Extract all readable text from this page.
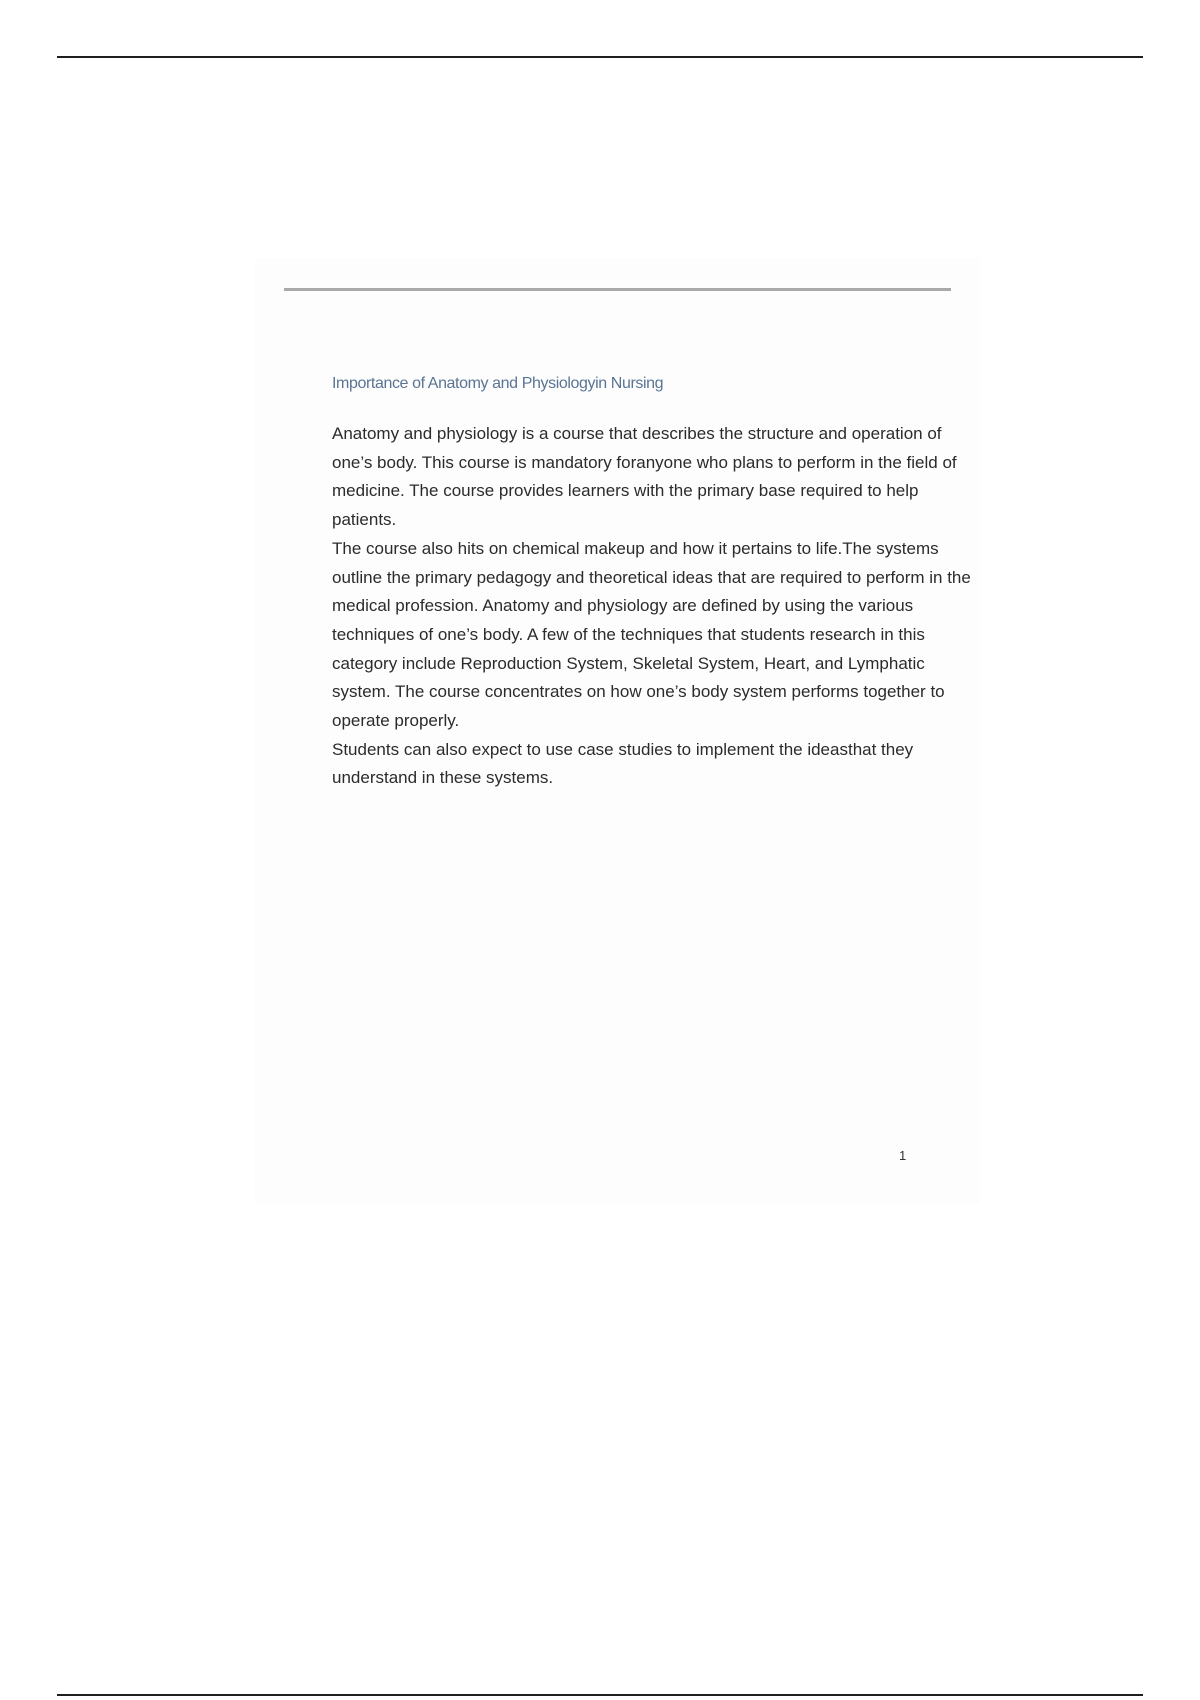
Importance of Anatomy and Physiologyin Nursing

Anatomy and physiology is a course that describes the structure and operation of one’s body. This course is mandatory foranyone who plans to perform in the field of medicine. The course provides learners with the primary base required to help patients.

The course also hits on chemical makeup and how it pertains to life.The systems outline the primary pedagogy and theoretical ideas that are required to perform in the medical profession. Anatomy and physiology are defined by using the various techniques of one’s body. A few of the techniques that students research in this category include Reproduction System, Skeletal System, Heart, and Lymphatic system. The course concentrates on how one’s body system performs together to operate properly.

Students can also expect to use case studies to implement the ideasthat they understand in these systems.

1
